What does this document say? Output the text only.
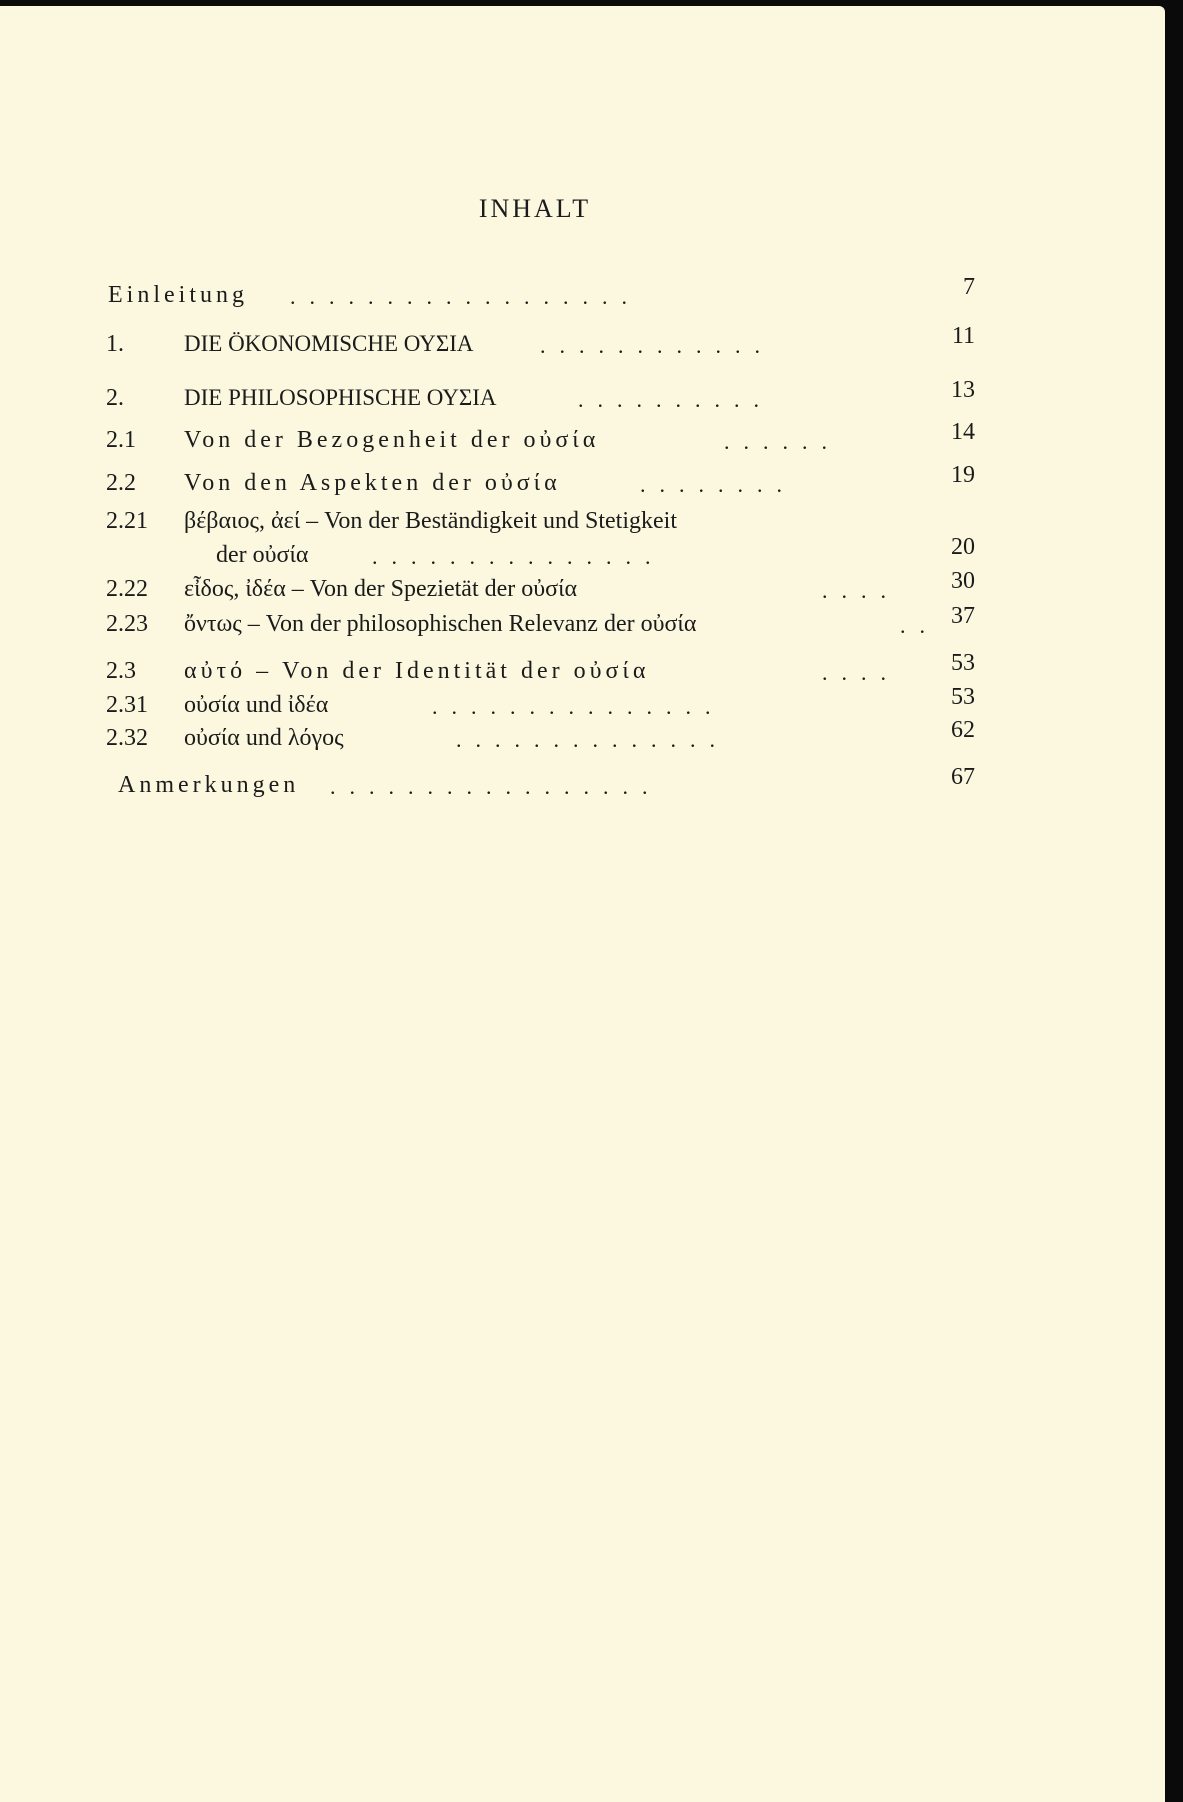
INHALT
Einleitung ..................	7
1.	DIE ÖKONOMISCHE ΟΥΣΙΑ	............	11
2.	DIE PHILOSOPHISCHE ΟΥΣΙΑ	..........	13
2.1 Von der Bezogenheit der οὐσία	......	14
2.2 Von den Aspekten der οὐσία	........	19
2.21 βέβαιος, ἀεί – Von der Beständigkeit und Stetigkeit
der οὐσία	...............	20
2.22 εἶδος, ἰδέα – Von der Spezietät der οὐσία	.... 30
2.23 ὄντως – Von der philosophischen Relevanz der οὐσία	.. 37
2.3 αὐτό – Von der Identität der οὐσία	.... 53
2.31 οὐσία und ἰδέα	...............	53
2.32 οὐσία und λόγος	..............	62
Anmerkungen .................	67
